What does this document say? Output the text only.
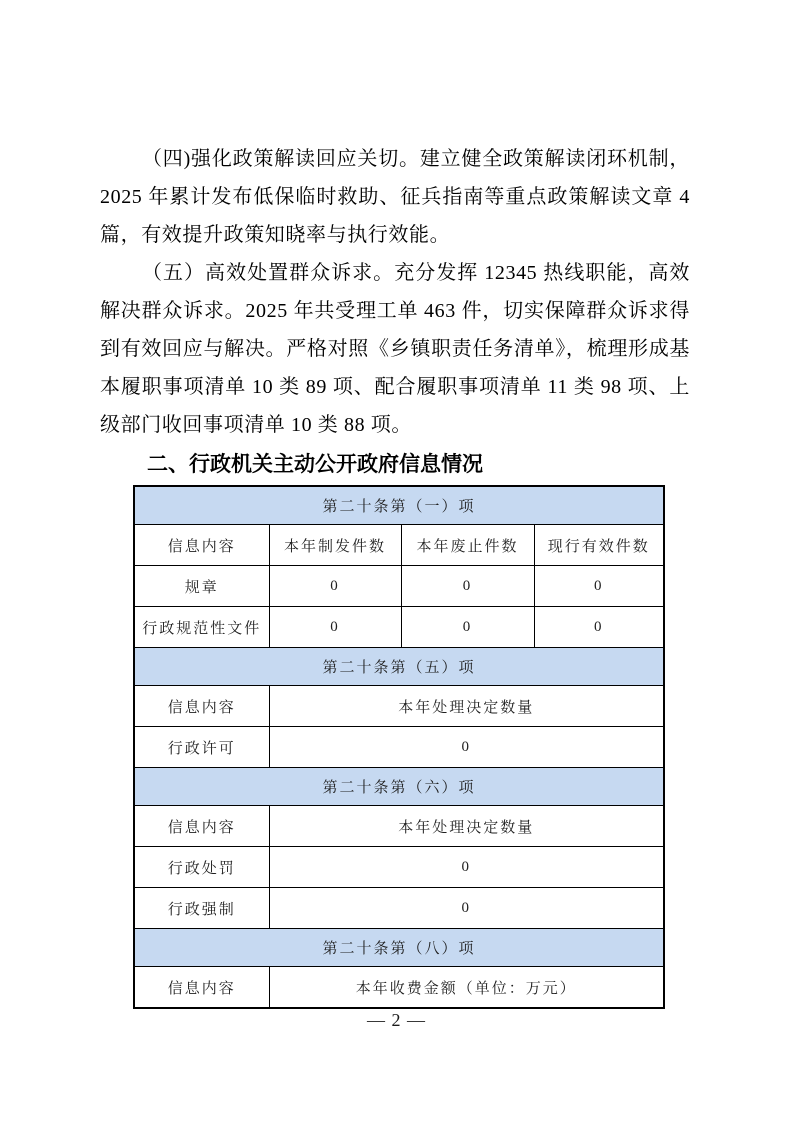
（四)强化政策解读回应关切。建立健全政策解读闭环机制，2025 年累计发布低保临时救助、征兵指南等重点政策解读文章 4 篇，有效提升政策知晓率与执行效能。

（五）高效处置群众诉求。充分发挥 12345 热线职能，高效解决群众诉求。2025 年共受理工单 463 件，切实保障群众诉求得到有效回应与解决。严格对照《乡镇职责任务清单》，梳理形成基本履职事项清单 10 类 89 项、配合履职事项清单 11 类 98 项、上级部门收回事项清单 10 类 88 项。

二、行政机关主动公开政府信息情况
第二十条第（一）项			
信息内容	本年制发件数	本年废止件数	现行有效件数
规章	0	0	0
行政规范性文件	0	0	0
第二十条第（五）项			
信息内容	本年处理决定数量		
行政许可	0		
第二十条第（六）项			
信息内容	本年处理决定数量		
行政处罚	0		
行政强制	0		
第二十条第（八）项			
信息内容	本年收费金额（单位：万元）		
— 2 —
